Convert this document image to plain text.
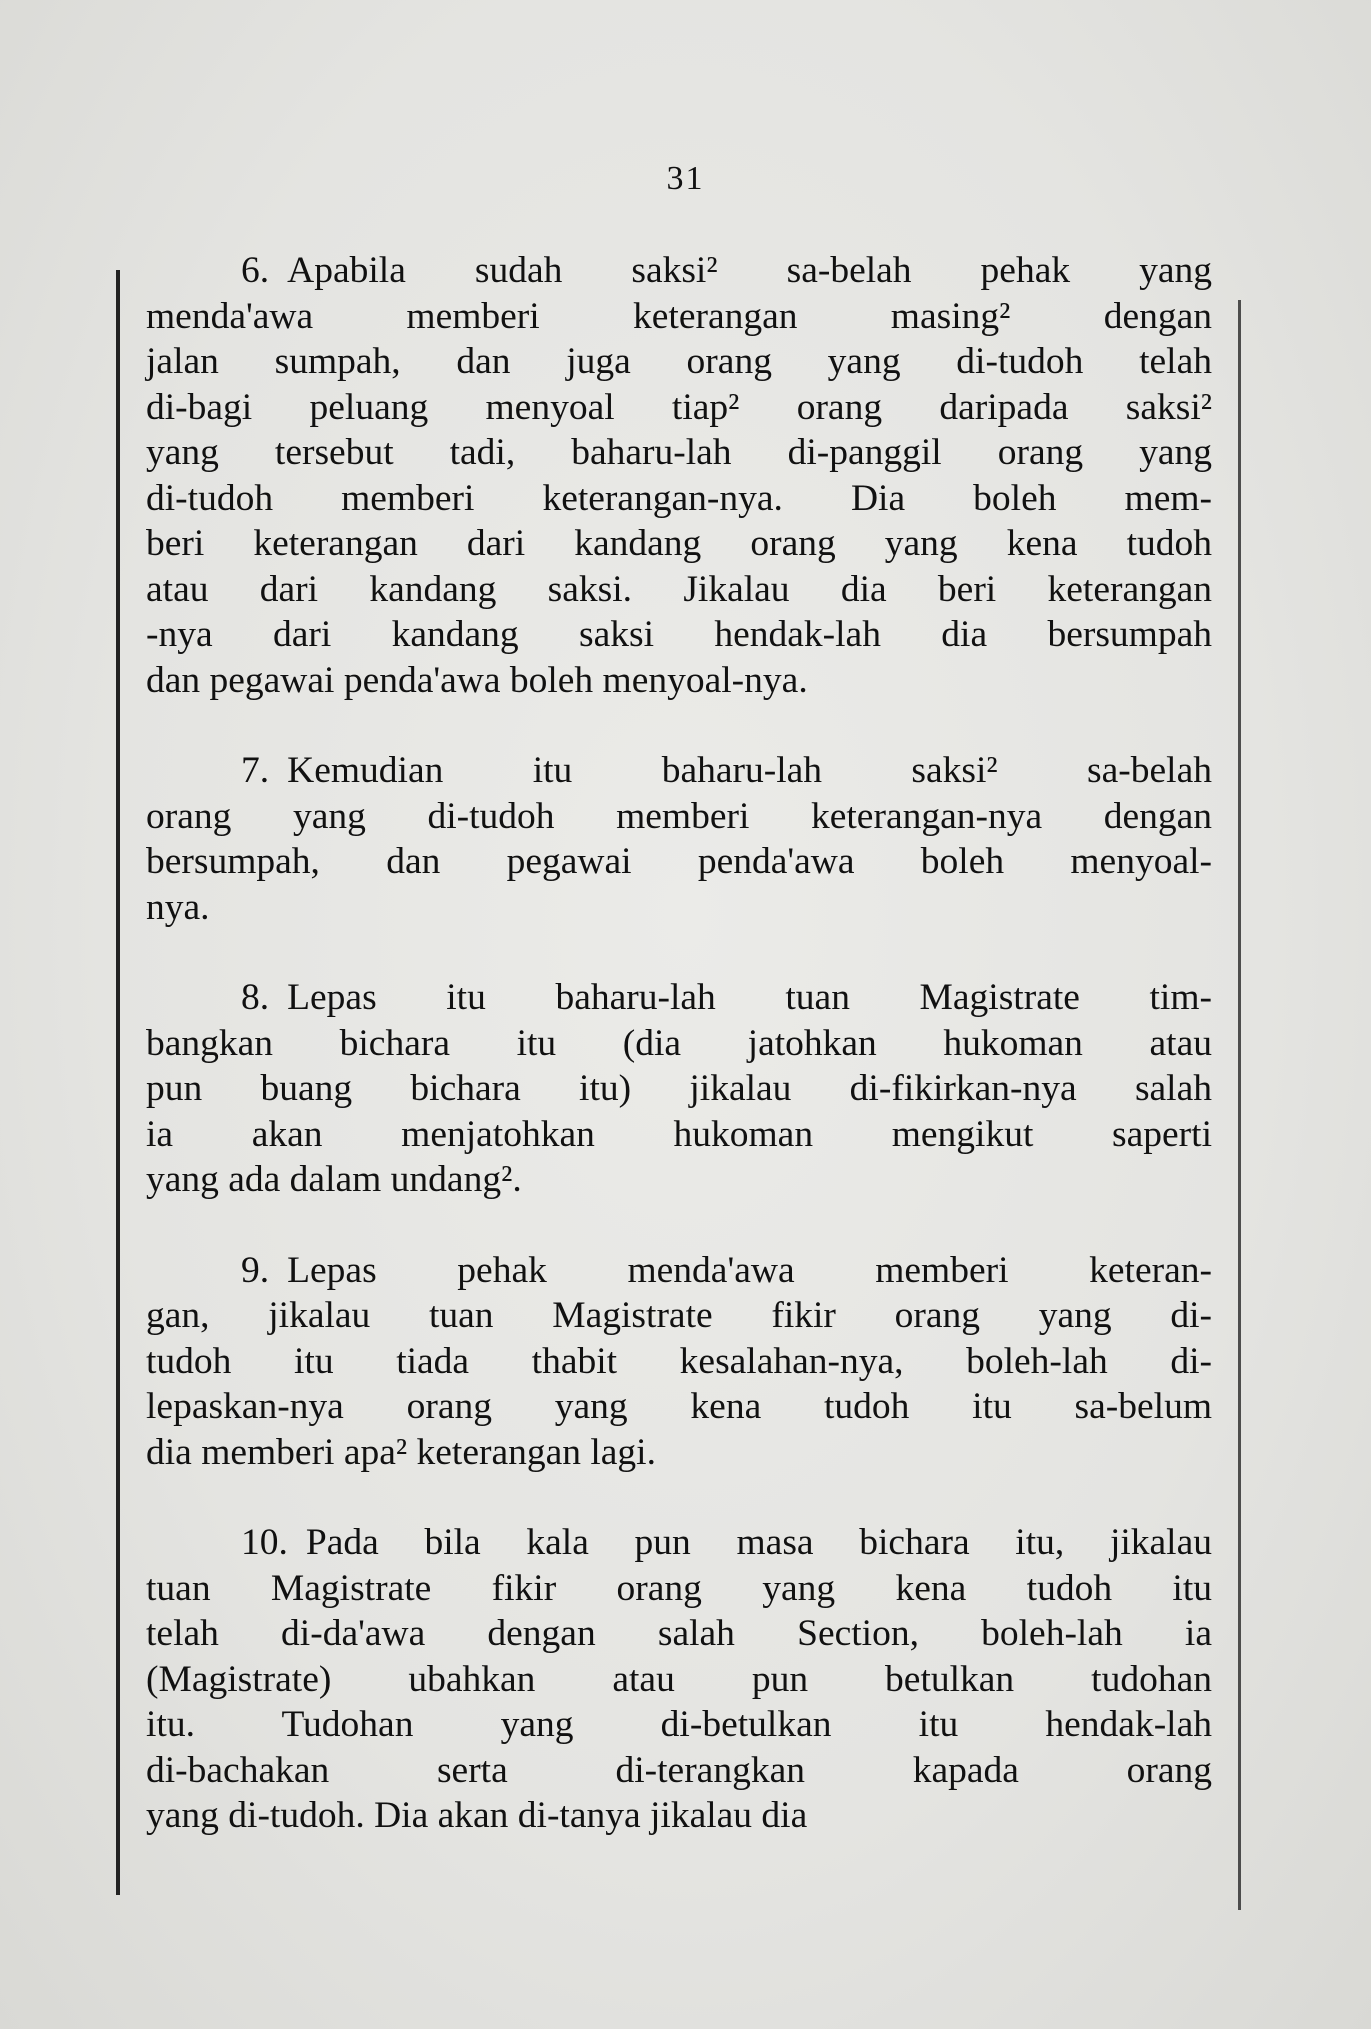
31
6. Apabila sudah saksi² sa-belah pehak yang
menda'awa memberi keterangan masing² dengan
jalan sumpah, dan juga orang yang di-tudoh telah
di-bagi peluang menyoal tiap² orang daripada saksi²
yang tersebut tadi, baharu-lah di-panggil orang yang
di-tudoh memberi keterangan-nya. Dia boleh mem-
beri keterangan dari kandang orang yang kena tudoh
atau dari kandang saksi. Jikalau dia beri keterangan
-nya dari kandang saksi hendak-lah dia bersumpah
dan pegawai penda'awa boleh menyoal-nya.
7. Kemudian itu baharu-lah saksi² sa-belah
orang yang di-tudoh memberi keterangan-nya dengan
bersumpah, dan pegawai penda'awa boleh menyoal-
nya.
8. Lepas itu baharu-lah tuan Magistrate tim-
bangkan bichara itu (dia jatohkan hukoman atau
pun buang bichara itu) jikalau di-fikirkan-nya salah
ia akan menjatohkan hukoman mengikut saperti
yang ada dalam undang².
9. Lepas pehak menda'awa memberi keteran-
gan, jikalau tuan Magistrate fikir orang yang di-
tudoh itu tiada thabit kesalahan-nya, boleh-lah di-
lepaskan-nya orang yang kena tudoh itu sa-belum
dia memberi apa² keterangan lagi.
10. Pada bila kala pun masa bichara itu, jikalau
tuan Magistrate fikir orang yang kena tudoh itu
telah di-da'awa dengan salah Section, boleh-lah ia
(Magistrate) ubahkan atau pun betulkan tudohan
itu. Tudohan yang di-betulkan itu hendak-lah
di-bachakan serta di-terangkan kapada orang
yang di-tudoh. Dia akan di-tanya jikalau dia
